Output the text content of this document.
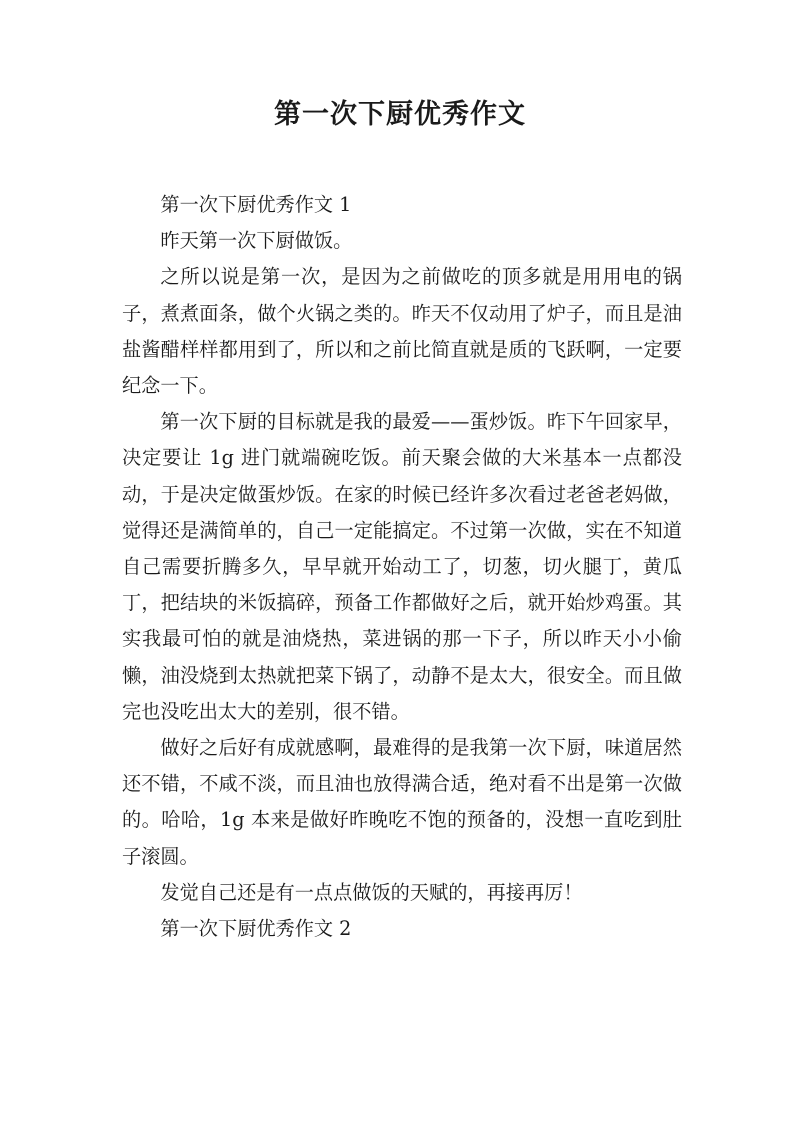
第一次下厨优秀作文

第一次下厨优秀作文 1

昨天第一次下厨做饭。

之所以说是第一次，是因为之前做吃的顶多就是用用电的锅子，煮煮面条，做个火锅之类的。昨天不仅动用了炉子，而且是油盐酱醋样样都用到了，所以和之前比简直就是质的飞跃啊，一定要纪念一下。

第一次下厨的目标就是我的最爱——蛋炒饭。昨下午回家早，决定要让 1g 进门就端碗吃饭。前天聚会做的大米基本一点都没动，于是决定做蛋炒饭。在家的时候已经许多次看过老爸老妈做，觉得还是满简单的，自己一定能搞定。不过第一次做，实在不知道自己需要折腾多久，早早就开始动工了，切葱，切火腿丁，黄瓜丁，把结块的米饭搞碎，预备工作都做好之后，就开始炒鸡蛋。其实我最可怕的就是油烧热，菜进锅的那一下子，所以昨天小小偷懒，油没烧到太热就把菜下锅了，动静不是太大，很安全。而且做完也没吃出太大的差别，很不错。

做好之后好有成就感啊，最难得的是我第一次下厨，味道居然还不错，不咸不淡，而且油也放得满合适，绝对看不出是第一次做的。哈哈，1g 本来是做好昨晚吃不饱的预备的，没想一直吃到肚子滚圆。

发觉自己还是有一点点做饭的天赋的，再接再厉！

第一次下厨优秀作文 2
